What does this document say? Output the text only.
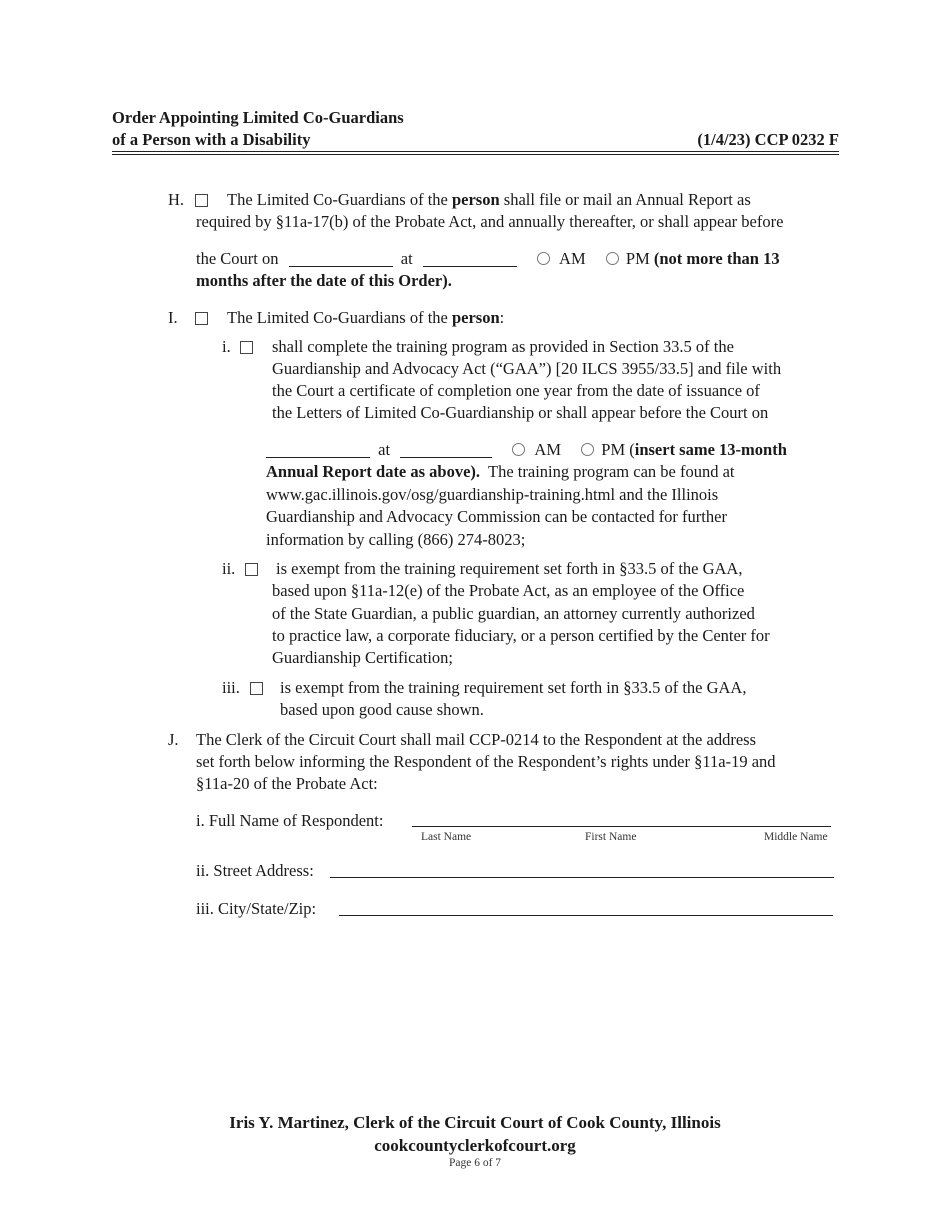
Order Appointing Limited Co-Guardians
of a Person with a Disability	(1/4/23) CCP 0232 F
H.	The Limited Co-Guardians of the person shall file or mail an Annual Report as
required by §11a-17(b) of the Probate Act, and annually thereafter, or shall appear before
the Court on	at	AM PM (not more than 13
months after the date of this Order).
I.	The Limited Co-Guardians of the person:
i.	shall complete the training program as provided in Section 33.5 of the
Guardianship and Advocacy Act (“GAA”) [20 ILCS 3955/33.5] and file with
the Court a certificate of completion one year from the date of issuance of
the Letters of Limited Co-Guardianship or shall appear before the Court on
at	AM PM (insert same 13-month
Annual Report date as above).  The training program can be found at
www.gac.illinois.gov/osg/guardianship-training.html and the Illinois
Guardianship and Advocacy Commission can be contacted for further
information by calling (866) 274-8023;
ii. is exempt from the training requirement set forth in §33.5 of the GAA,
based upon §11a-12(e) of the Probate Act, as an employee of the Office
of the State Guardian, a public guardian, an attorney currently authorized
to practice law, a corporate fiduciary, or a person certified by the Center for
Guardianship Certification;
iii. is exempt from the training requirement set forth in §33.5 of the GAA,
based upon good cause shown.
J. The Clerk of the Circuit Court shall mail CCP-0214 to the Respondent at the address
set forth below informing the Respondent of the Respondent’s rights under §11a-19 and
§11a-20 of the Probate Act:
i. Full Name of Respondent:
Last Name	First Name	Middle Name
ii. Street Address:
iii. City/State/Zip:
Iris Y. Martinez, Clerk of the Circuit Court of Cook County, Illinois
cookcountyclerkofcourt.org
Page 6 of 7
